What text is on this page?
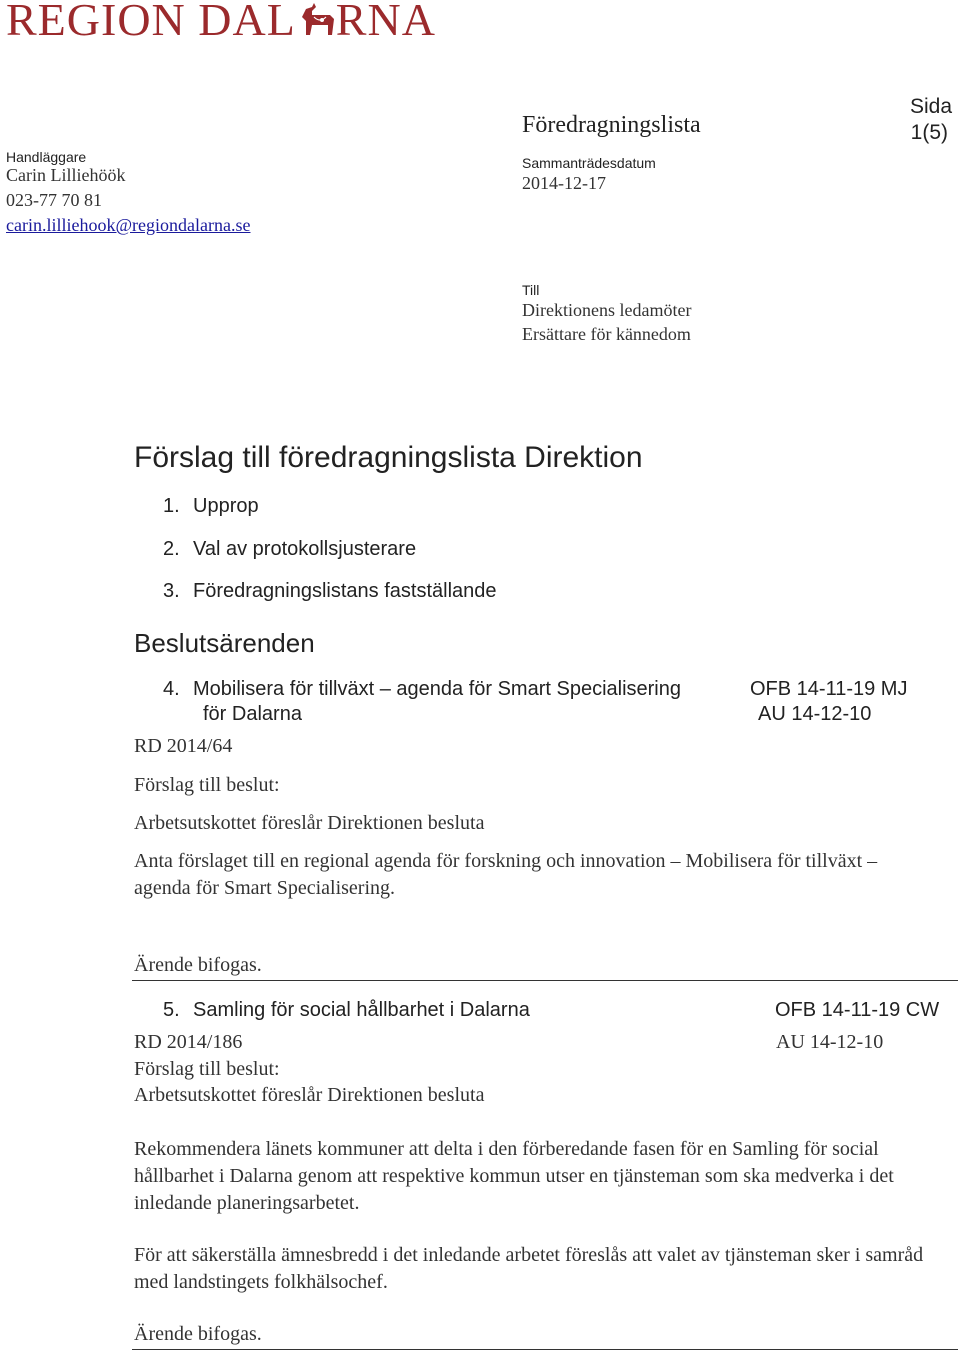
REGION DAL RNA
Handläggare
Carin Lilliehöök
023-77 70 81
carin.lilliehook@regiondalarna.se
Föredragningslista
Sammanträdesdatum
2014-12-17
Sida
1(5)
Till
Direktionens ledamöter
Ersättare för kännedom
Förslag till föredragningslista Direktion
1. Upprop
2. Val av protokollsjusterare
3. Föredragningslistans fastställande
Beslutsärenden
4. Mobilisera för tillväxt – agenda för Smart Specialisering
för Dalarna
OFB 14-11-19 MJ
AU 14-12-10
RD 2014/64
Förslag till beslut:
Arbetsutskottet föreslår Direktionen besluta
Anta förslaget till en regional agenda för forskning och innovation – Mobilisera för tillväxt – agenda för Smart Specialisering.
Ärende bifogas.
5. Samling för social hållbarhet i Dalarna	OFB 14-11-19 CW
RD 2014/186	AU 14-12-10
Förslag till beslut:
Arbetsutskottet föreslår Direktionen besluta
Rekommendera länets kommuner att delta i den förberedande fasen för en Samling för social hållbarhet i Dalarna genom att respektive kommun utser en tjänsteman som ska medverka i det inledande planeringsarbetet.
För att säkerställa ämnesbredd i det inledande arbetet föreslås att valet av tjänsteman sker i samråd med landstingets folkhälsochef.
Ärende bifogas.
